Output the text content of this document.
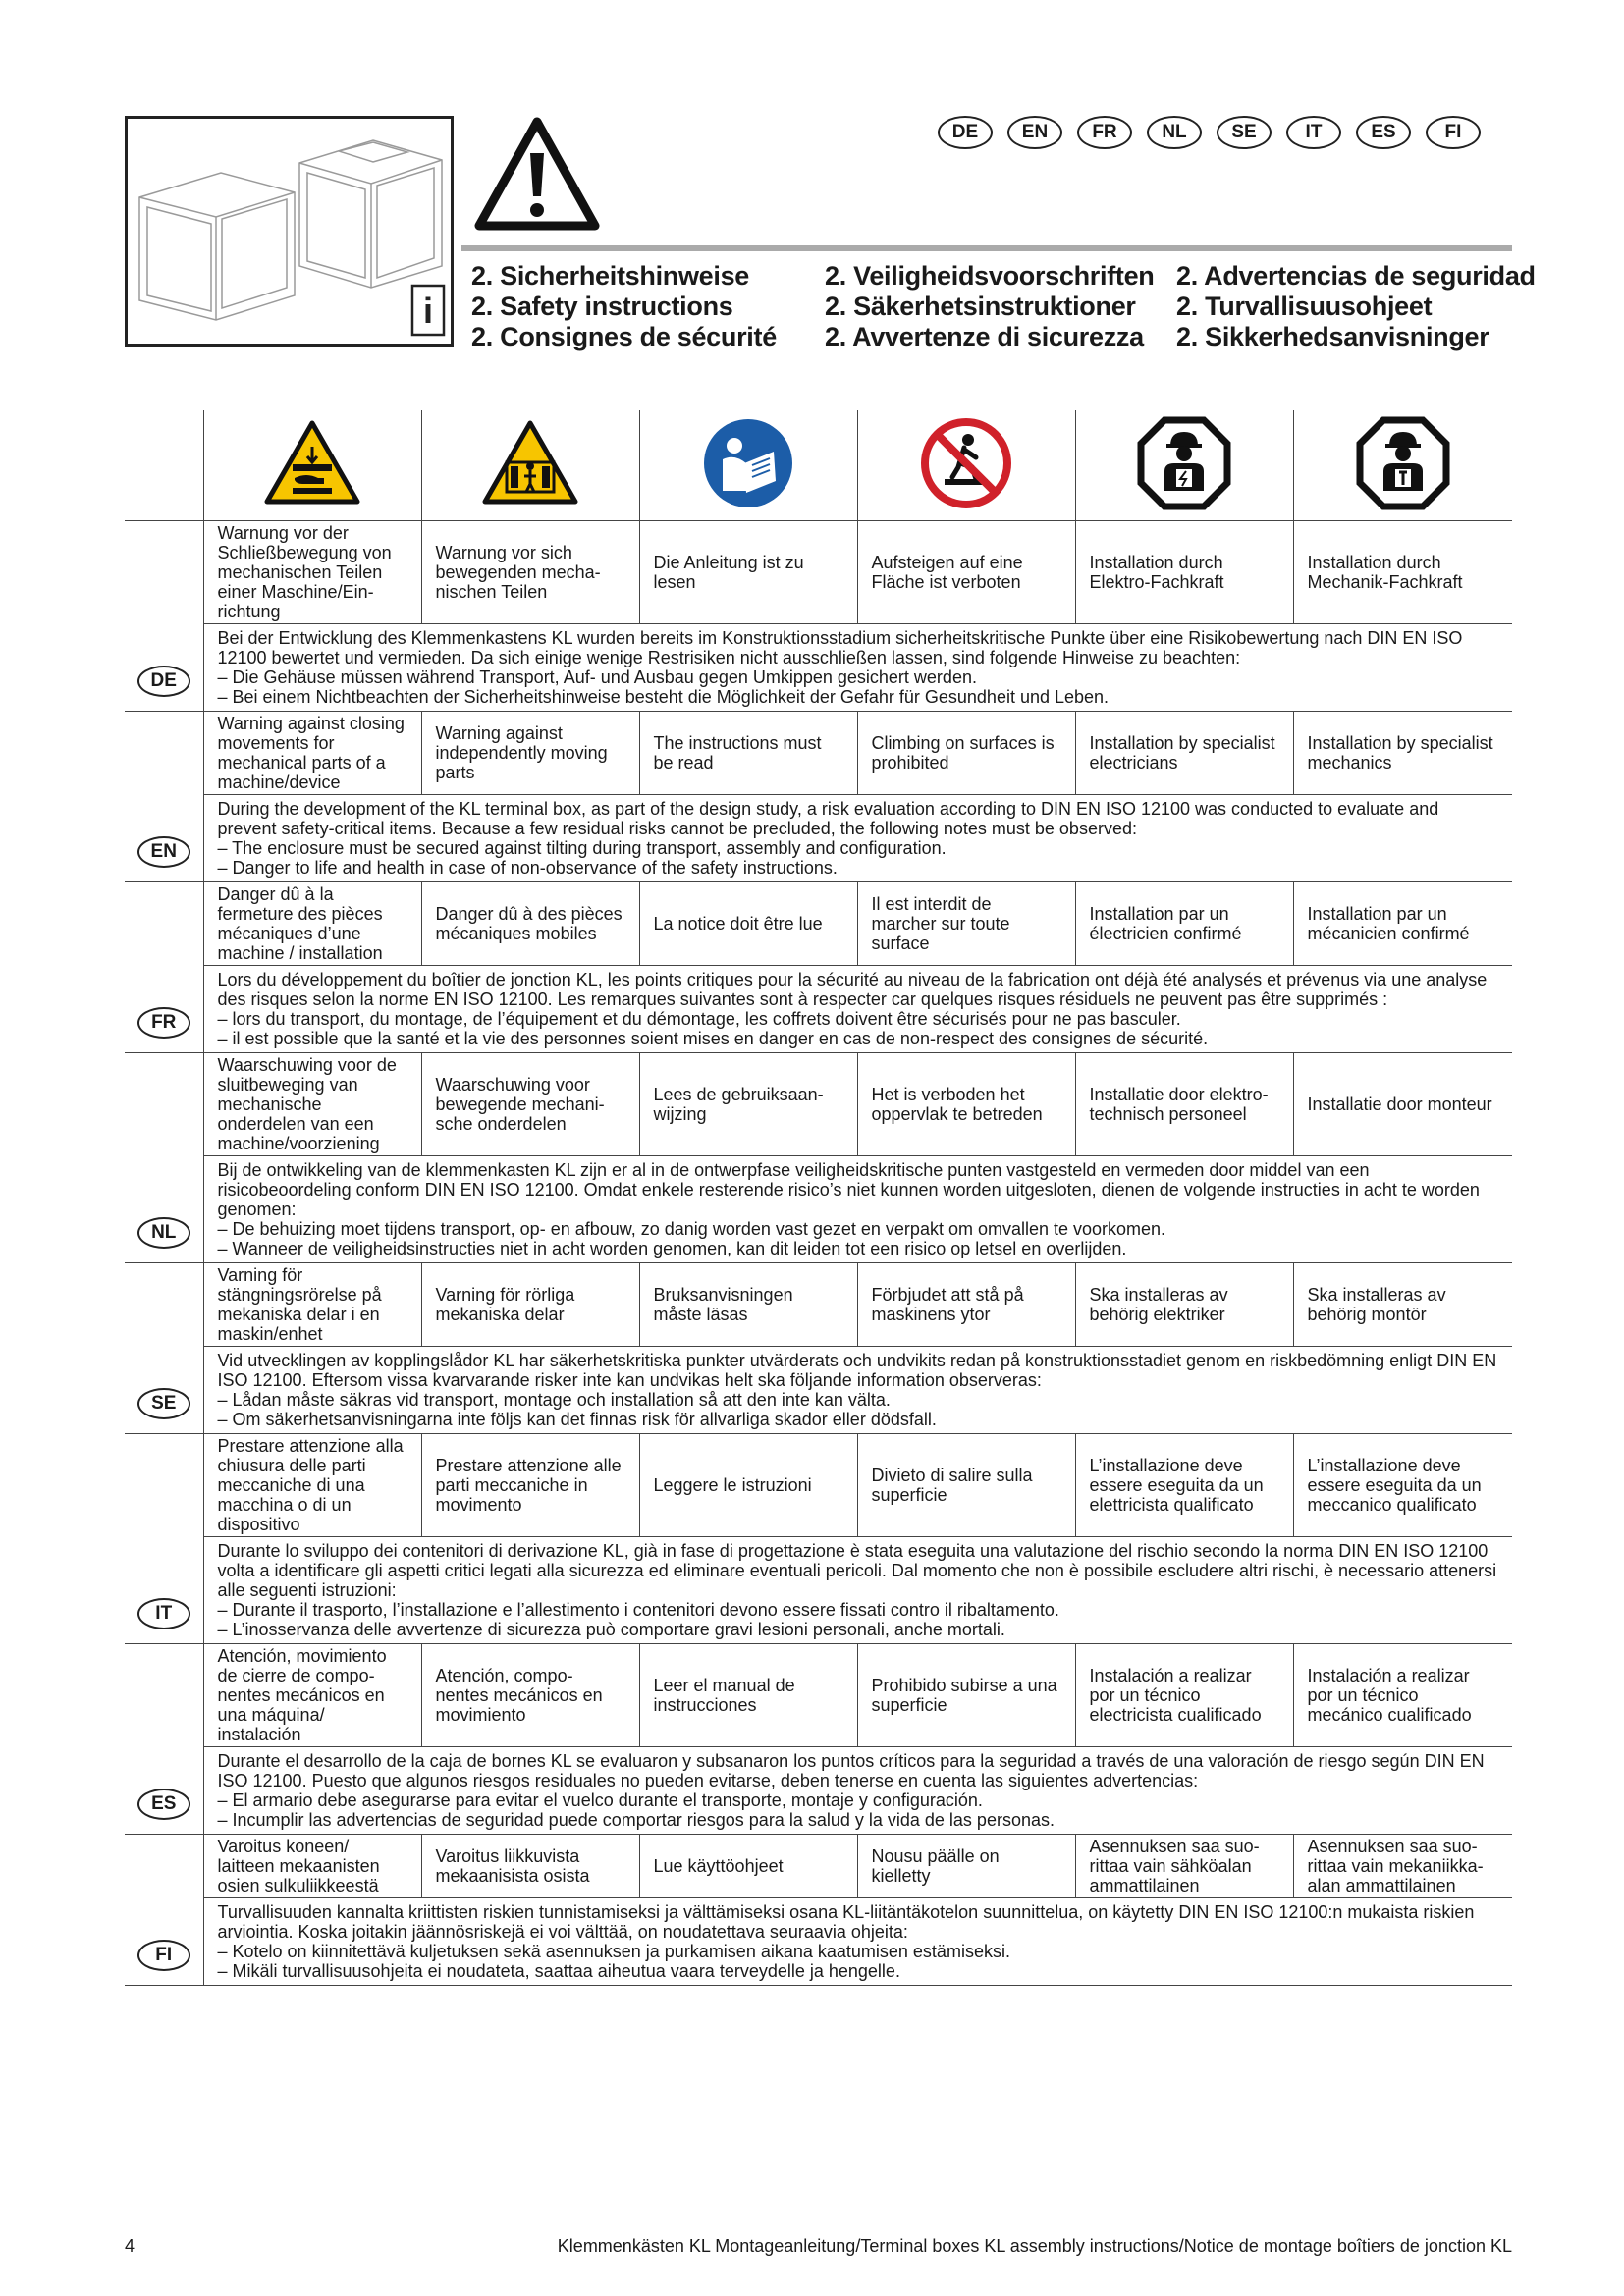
DE	EN	FR	NL	SE	IT	ES	FI
i
2. Sicherheitshinweise
2. Safety instructions
2. Consignes de sécurité
2. Veiligheidsvoorschriften
2. Säkerhetsinstruktioner
2. Avvertenze di sicurezza
2. Advertencias de seguridad
2. Turvallisuusohjeet
2. Sikkerhedsanvisninger

DE	Warnung vor der Schließbewegung von mechanischen Teilen einer Maschine/Ein-richtung	Warnung vor sich bewegenden mecha-nischen Teilen	Die Anleitung ist zu lesen	Aufsteigen auf eine Fläche ist verboten	Installation durch Elektro-Fachkraft	Installation durch Mechanik-Fachkraft

	Bei der Entwicklung des Klemmenkastens KL wurden bereits im Konstruktionsstadium sicherheitskritische Punkte über eine Risikobewertung nach DIN EN ISO 12100 bewertet und vermieden. Da sich einige wenige Restrisiken nicht ausschließen lassen, sind folgende Hinweise zu beachten:
– Die Gehäuse müssen während Transport, Auf- und Ausbau gegen Umkippen gesichert werden.
– Bei einem Nichtbeachten der Sicherheitshinweise besteht die Möglichkeit der Gefahr für Gesundheit und Leben.					

EN	Warning against closing movements for mechanical parts of a machine/device	Warning against independently moving parts	The instructions must be read	Climbing on surfaces is prohibited	Installation by specialist electricians	Installation by specialist mechanics

	During the development of the KL terminal box, as part of the design study, a risk evaluation according to DIN EN ISO 12100 was conducted to evaluate and prevent safety-critical items. Because a few residual risks cannot be precluded, the following notes must be observed:
– The enclosure must be secured against tilting during transport, assembly and configuration.
– Danger to life and health in case of non-observance of the safety instructions.					

FR	Danger dû à la fermeture des pièces mécaniques d’une machine / installation	Danger dû à des pièces mécaniques mobiles	La notice doit être lue	Il est interdit de marcher sur toute surface	Installation par un électricien confirmé	Installation par un mécanicien confirmé

	Lors du développement du boîtier de jonction KL, les points critiques pour la sécurité au niveau de la fabrication ont déjà été analysés et prévenus via une analyse des risques selon la norme EN ISO 12100. Les remarques suivantes sont à respecter car quelques risques résiduels ne peuvent pas être supprimés :
– lors du transport, du montage, de l’équipement et du démontage, les coffrets doivent être sécurisés pour ne pas basculer.
– il est possible que la santé et la vie des personnes soient mises en danger en cas de non-respect des consignes de sécurité.					

NL	Waarschuwing voor de sluitbeweging van mechanische onderdelen van een machine/voorziening	Waarschuwing voor bewegende mechani-sche onderdelen	Lees de gebruiksaan-wijzing	Het is verboden het oppervlak te betreden	Installatie door elektro-technisch personeel	Installatie door monteur

	Bij de ontwikkeling van de klemmenkasten KL zijn er al in de ontwerpfase veiligheidskritische punten vastgesteld en vermeden door middel van een risicobeoordeling conform DIN EN ISO 12100. Omdat enkele resterende risico’s niet kunnen worden uitgesloten, dienen de volgende instructies in acht te worden genomen:
– De behuizing moet tijdens transport, op- en afbouw, zo danig worden vast gezet en verpakt om omvallen te voorkomen.
– Wanneer de veiligheidsinstructies niet in acht worden genomen, kan dit leiden tot een risico op letsel en overlijden.					

SE	Varning för stängningsrörelse på mekaniska delar i en maskin/enhet	Varning för rörliga mekaniska delar	Bruksanvisningen måste läsas	Förbjudet att stå på maskinens ytor	Ska installeras av behörig elektriker	Ska installeras av behörig montör

	Vid utvecklingen av kopplingslådor KL har säkerhetskritiska punkter utvärderats och undvikits redan på konstruktionsstadiet genom en riskbedömning enligt DIN EN ISO 12100. Eftersom vissa kvarvarande risker inte kan undvikas helt ska följande information observeras:
– Lådan måste säkras vid transport, montage och installation så att den inte kan välta.
– Om säkerhetsanvisningarna inte följs kan det finnas risk för allvarliga skador eller dödsfall.					

IT	Prestare attenzione alla chiusura delle parti meccaniche di una macchina o di un dispositivo	Prestare attenzione alle parti meccaniche in movimento	Leggere le istruzioni	Divieto di salire sulla superficie	L’installazione deve essere eseguita da un elettricista qualificato	L’installazione deve essere eseguita da un meccanico qualificato

	Durante lo sviluppo dei contenitori di derivazione KL, già in fase di progettazione è stata eseguita una valutazione del rischio secondo la norma DIN EN ISO 12100 volta a identificare gli aspetti critici legati alla sicurezza ed eliminare eventuali pericoli. Dal momento che non è possibile escludere altri rischi, è necessario attenersi alle seguenti istruzioni:
– Durante il trasporto, l’installazione e l’allestimento i contenitori devono essere fissati contro il ribaltamento.
– L’inosservanza delle avvertenze di sicurezza può comportare gravi lesioni personali, anche mortali.					

ES	Atención, movimiento de cierre de compo-nentes mecánicos en una máquina/ instalación	Atención, compo-nentes mecánicos en movimiento	Leer el manual de instrucciones	Prohibido subirse a una superficie	Instalación a realizar por un técnico electricista cualificado	Instalación a realizar por un técnico mecánico cualificado

	Durante el desarrollo de la caja de bornes KL se evaluaron y subsanaron los puntos críticos para la seguridad a través de una valoración de riesgo según DIN EN ISO 12100. Puesto que algunos riesgos residuales no pueden evitarse, deben tenerse en cuenta las siguientes advertencias:
– El armario debe asegurarse para evitar el vuelco durante el transporte, montaje y configuración.
– Incumplir las advertencias de seguridad puede comportar riesgos para la salud y la vida de las personas.					

FI	Varoitus koneen/ laitteen mekaanisten osien sulkuliikkeestä	Varoitus liikkuvista mekaanisista osista	Lue käyttöohjeet	Nousu päälle on kielletty	Asennuksen saa suo-rittaa vain sähköalan ammattilainen	Asennuksen saa suo-rittaa vain mekaniikka-alan ammattilainen

	Turvallisuuden kannalta kriittisten riskien tunnistamiseksi ja välttämiseksi osana KL-liitäntäkotelon suunnittelua, on käytetty DIN EN ISO 12100:n mukaista riskien arviointia. Koska joitakin jäännösriskejä ei voi välttää, on noudatettava seuraavia ohjeita:
– Kotelo on kiinnitettävä kuljetuksen sekä asennuksen ja purkamisen aikana kaatumisen estämiseksi.
– Mikäli turvallisuusohjeita ei noudateta, saattaa aiheutua vaara terveydelle ja hengelle.					
4	Klemmenkästen KL Montageanleitung/Terminal boxes KL assembly instructions/Notice de montage boîtiers de jonction KL
